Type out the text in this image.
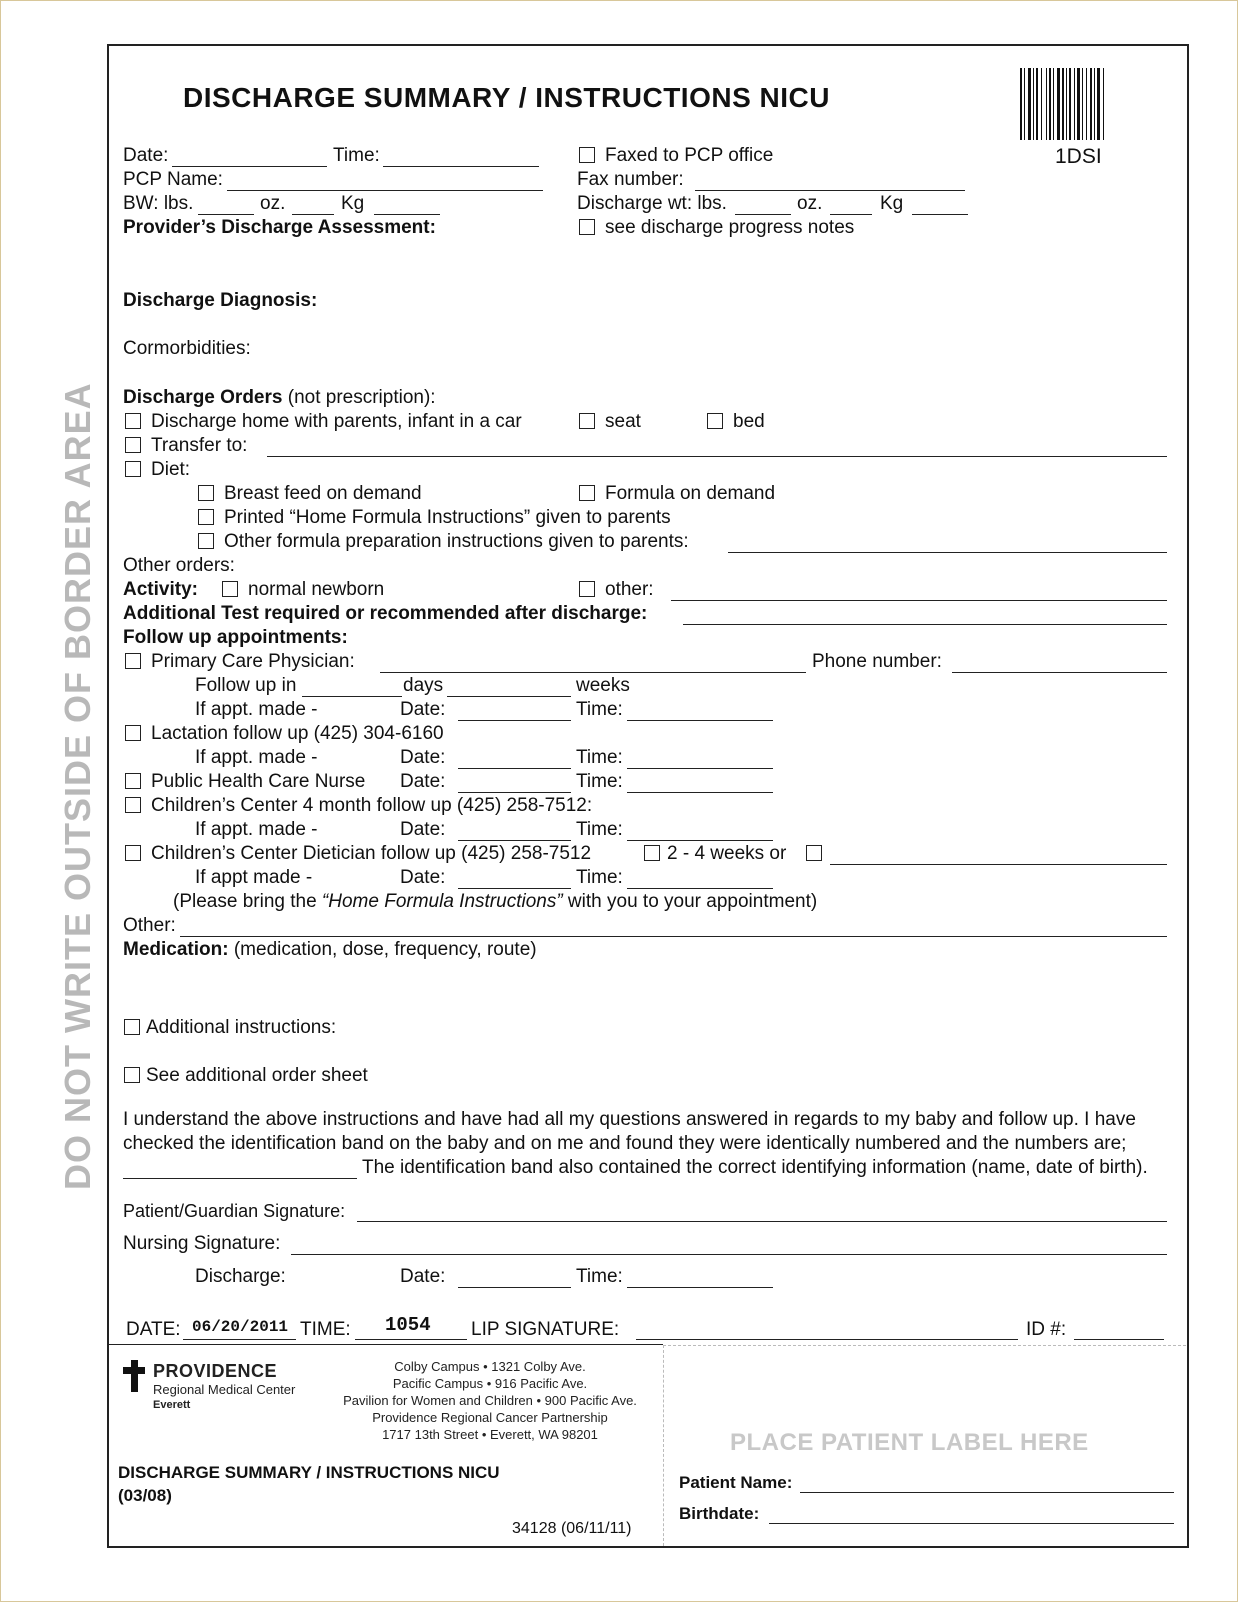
DO NOT WRITE OUTSIDE OF BORDER AREA
DISCHARGE SUMMARY / INSTRUCTIONS NICU
1DSI
Date:	Time:
PCP Name:
BW: lbs.	oz.	Kg
Provider’s Discharge Assessment:
Faxed to PCP office
Fax number:
Discharge wt: lbs.	oz.	Kg
see discharge progress notes
Discharge Diagnosis:
Cormorbidities:
Discharge Orders (not prescription):
Discharge home with parents, infant in a car	seat	bed
Transfer to:
Diet:
Breast feed on demand	Formula on demand
Printed “Home Formula Instructions” given to parents
Other formula preparation instructions given to parents:
Other orders:
Activity:	normal newborn	other:
Additional Test required or recommended after discharge:
Follow up appointments:
Primary Care Physician:	Phone number:
Follow up in	days	weeks
If appt. made -	Date:	Time:
Lactation follow up (425) 304-6160
If appt. made -	Date:	Time:
Public Health Care Nurse Date:	Time:
Children’s Center 4 month follow up (425) 258-7512:
If appt. made -	Date:	Time:
Children’s Center Dietician follow up (425) 258-7512	2 - 4 weeks or
If appt made -	Date:	Time:
(Please bring the “Home Formula Instructions” with you to your appointment)
Other:
Medication: (medication, dose, frequency, route)
Additional instructions:
See additional order sheet
I understand the above instructions and have had all my questions answered in regards to my baby and follow up. I have
checked the identification band on the baby and on me and found they were identically numbered and the numbers are;
The identification band also contained the correct identifying information (name, date of birth).
Patient/Guardian Signature:
Nursing Signature:
Discharge:	Date:	Time:
DATE: 06/20/2011 TIME: 1054 LIP SIGNATURE:	ID #:
PROVIDENCE
Regional Medical Center
Everett
Colby Campus • 1321 Colby Ave.
Pacific Campus • 916 Pacific Ave.
Pavilion for Women and Children • 900 Pacific Ave.
Providence Regional Cancer Partnership
1717 13th Street • Everett, WA 98201
DISCHARGE SUMMARY / INSTRUCTIONS NICU
(03/08)
34128 (06/11/11)
PLACE PATIENT LABEL HERE
Patient Name:
Birthdate:
